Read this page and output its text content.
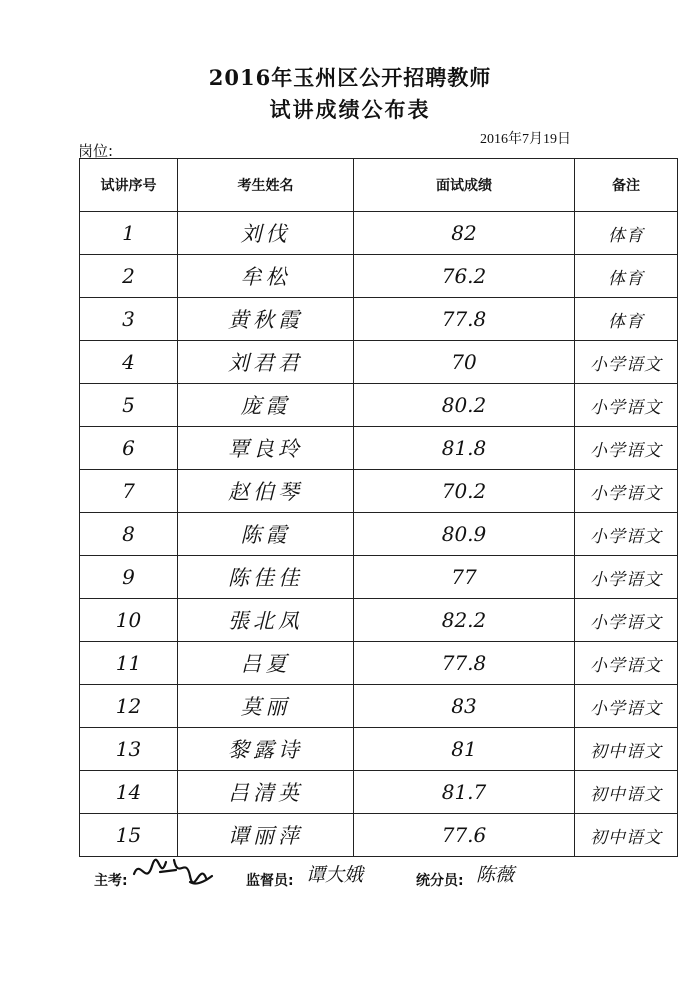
2016年玉州区公开招聘教师
试讲成绩公布表
2016年7月19日
岗位:
试讲序号	考生姓名	面试成绩	备注
1	刘伐	82	体育
2	牟松	76.2	体育
3	黄秋霞	77.8	体育
4	刘君君	70	小学语文
5	庞霞	80.2	小学语文
6	覃良玲	81.8	小学语文
7	赵伯琴	70.2	小学语文
8	陈霞	80.9	小学语文
9	陈佳佳	77	小学语文
10	張北凤	82.2	小学语文
11	吕夏	77.8	小学语文
12	莫丽	83	小学语文
13	黎露诗	81	初中语文
14	吕清英	81.7	初中语文
15	谭丽萍	77.6	初中语文
主考:	监督员: 谭大娥	统分员: 陈薇
